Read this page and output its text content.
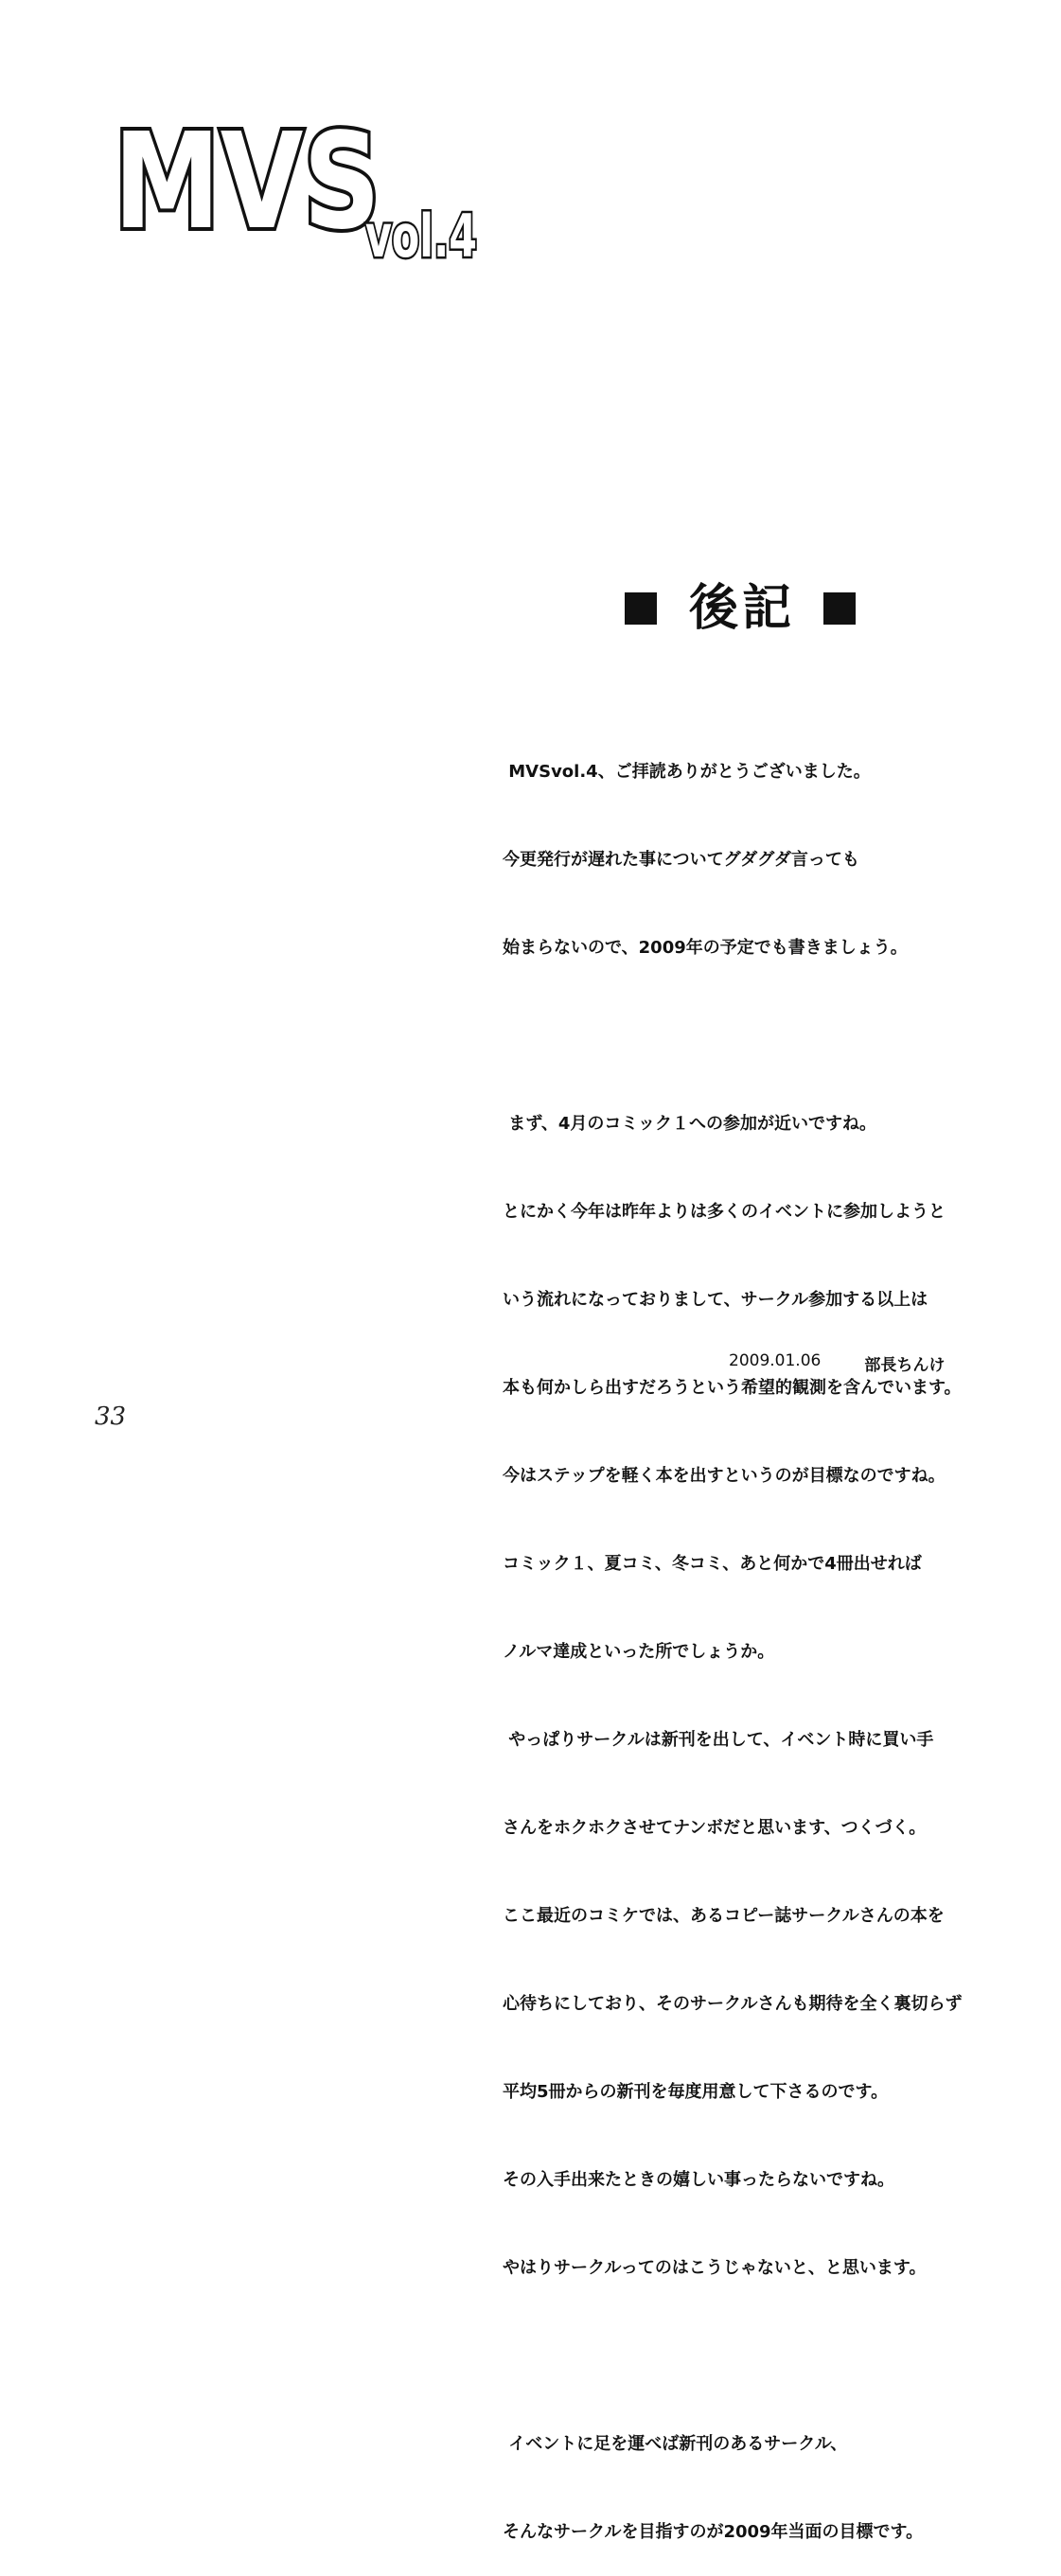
MVS
vol.4
後記

MVSvol.4、ご拝読ありがとうございました。

今更発行が遅れた事についてグダグダ言っても

始まらないので、2009年の予定でも書きましょう。

まず、4月のコミック１への参加が近いですね。

とにかく今年は昨年よりは多くのイベントに参加しようと

いう流れになっておりまして、サークル参加する以上は

本も何かしら出すだろうという希望的観測を含んでいます。

今はステップを軽く本を出すというのが目標なのですね。

コミック１、夏コミ、冬コミ、あと何かで4冊出せれば

ノルマ達成といった所でしょうか。

やっぱりサークルは新刊を出して、イベント時に買い手

さんをホクホクさせてナンボだと思います、つくづく。

ここ最近のコミケでは、あるコピー誌サークルさんの本を

心待ちにしており、そのサークルさんも期待を全く裏切らず

平均5冊からの新刊を毎度用意して下さるのです。

その入手出来たときの嬉しい事ったらないですね。

やはりサークルってのはこうじゃないと、と思います。

イベントに足を運べば新刊のあるサークル、

そんなサークルを目指すのが2009年当面の目標です。

2009.01.06	部長ちんけ
33
